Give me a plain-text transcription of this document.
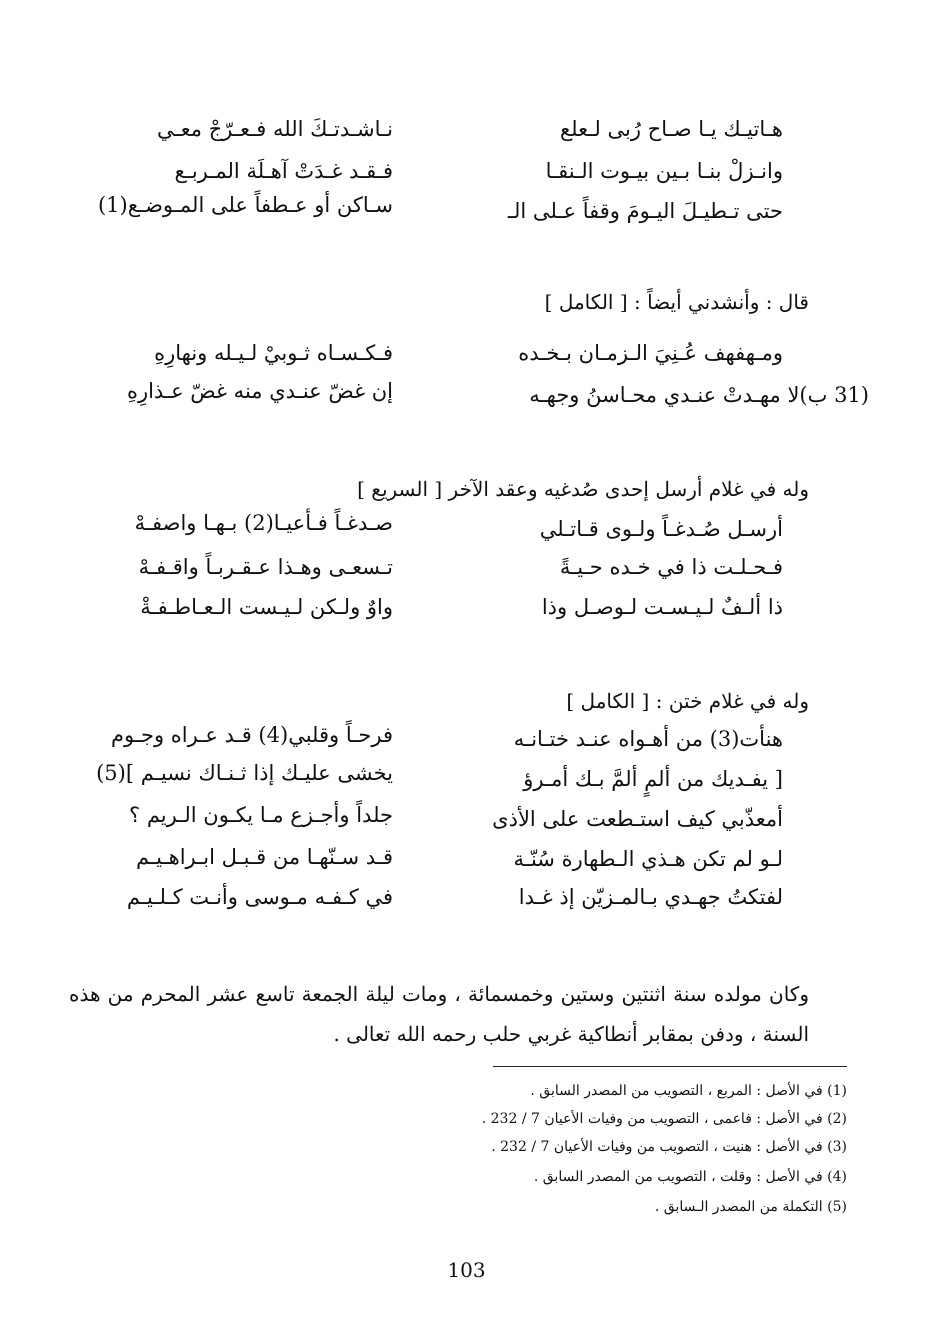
هـاتيـك يـا صـاح رُبى لـعلع
نـاشـدتـكَ الله فـعـرّجْ معـي
وانـزلْ بنـا بـين بيـوت الـنقـا
فـقـد غـدَتْ آهـلَة المـربـع
حتى تـطيـلَ اليـومَ وقفاً عـلى الـ
سـاكن أو عـطفاً على المـوضـع(1)
قال : وأنشدني أيضاً : [ الكامل ]
ومـهفهف عُـنِيَ الـزمـان بـخـده
فـكـسـاه ثـوبيْ لـيـله ونهارِهِ
(31 ب)لا مهـدتْ عنـدي محـاسنُ وجهـه
إن غضّ عنـدي منه غضّ عـذارِهِ
وله في غلام أرسل إحدى صُدغيه وعقد الآخر [ السريع ]
أرسـل صُـدغـاً ولـوى قـاتـلي
صـدغـاً فـأعيـا(2) بـهـا واصفـهْ
فـحـلـت ذا في خـده حـيـةً
تـسعـى وهـذا عـقـربـاً واقـفـهْ
ذا ألـفٌ لـيـسـت لـوصـل وذا
واوٌ ولـكن لـيـست الـعـاطـفـةْ
وله في غلام ختن : [ الكامل ]
هنأت(3) من أهـواه عنـد ختـانـه
فرحـاً وقلبي(4) قـد عـراه وجـوم
[ يفـديك من ألمٍ ألمَّ بـك أمـرؤ
يخشى عليـك إذا ثـنـاك نسيـم ](5)
أمعذّبي كيف استـطعت على الأذى
جلداً وأجـزع مـا يكـون الـريم ؟
لـو لم تكن هـذي الـطهارة سُنّـة
قـد سـنّهـا من قـبـل ابـراهـيـم
لفتكتُ جهـدي بـالمـزيّن إذ غـدا
في كـفـه مـوسى وأنـت كـلـيـم
وكان مولده سنة اثنتين وستين وخمسمائة ، ومات ليلة الجمعة تاسع عشر المحرم من هذه السنة ، ودفن بمقابر أنطاكية غربي حلب رحمه الله تعالى .
(1) في الأصل : المربع ، التصويب من المصدر السابق .
(2) في الأصل : فاعمى ، التصويب من وفيات الأعيان 7 / 232 .
(3) في الأصل : هنيت ، التصويب من وفيات الأعيان 7 / 232 .
(4) في الأصل : وقلت ، التصويب من المصدر السابق .
(5) التكملة من المصدر الـسابق .
103
